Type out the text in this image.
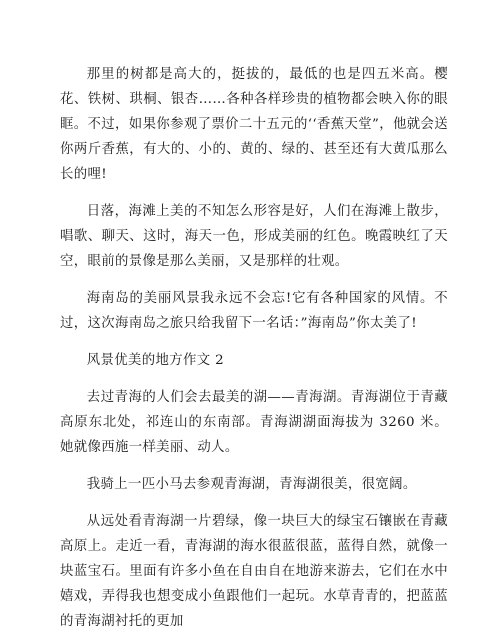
那里的树都是高大的，挺拔的，最低的也是四五米高。樱花、铁树、珙桐、银杏……各种各样珍贵的植物都会映入你的眼眶。不过，如果你参观了票价二十五元的‘‘香蕉天堂”，他就会送你两斤香蕉，有大的、小的、黄的、绿的、甚至还有大黄瓜那么长的哩!

日落，海滩上美的不知怎么形容是好，人们在海滩上散步，唱歌、聊天、这时，海天一色，形成美丽的红色。晚霞映红了天空，眼前的景像是那么美丽，又是那样的壮观。

海南岛的美丽风景我永远不会忘!它有各种国家的风情。不过，这次海南岛之旅只给我留下一名话：”海南岛”你太美了!

风景优美的地方作文 2

去过青海的人们会去最美的湖——青海湖。青海湖位于青藏高原东北处，祁连山的东南部。青海湖湖面海拔为 3260 米。她就像西施一样美丽、动人。

我骑上一匹小马去参观青海湖，青海湖很美，很宽阔。

从远处看青海湖一片碧绿，像一块巨大的绿宝石镶嵌在青藏高原上。走近一看，青海湖的海水很蓝很蓝，蓝得自然，就像一块蓝宝石。里面有许多小鱼在自由自在地游来游去，它们在水中嬉戏，弄得我也想变成小鱼跟他们一起玩。水草青青的，把蓝蓝的青海湖衬托的更加
